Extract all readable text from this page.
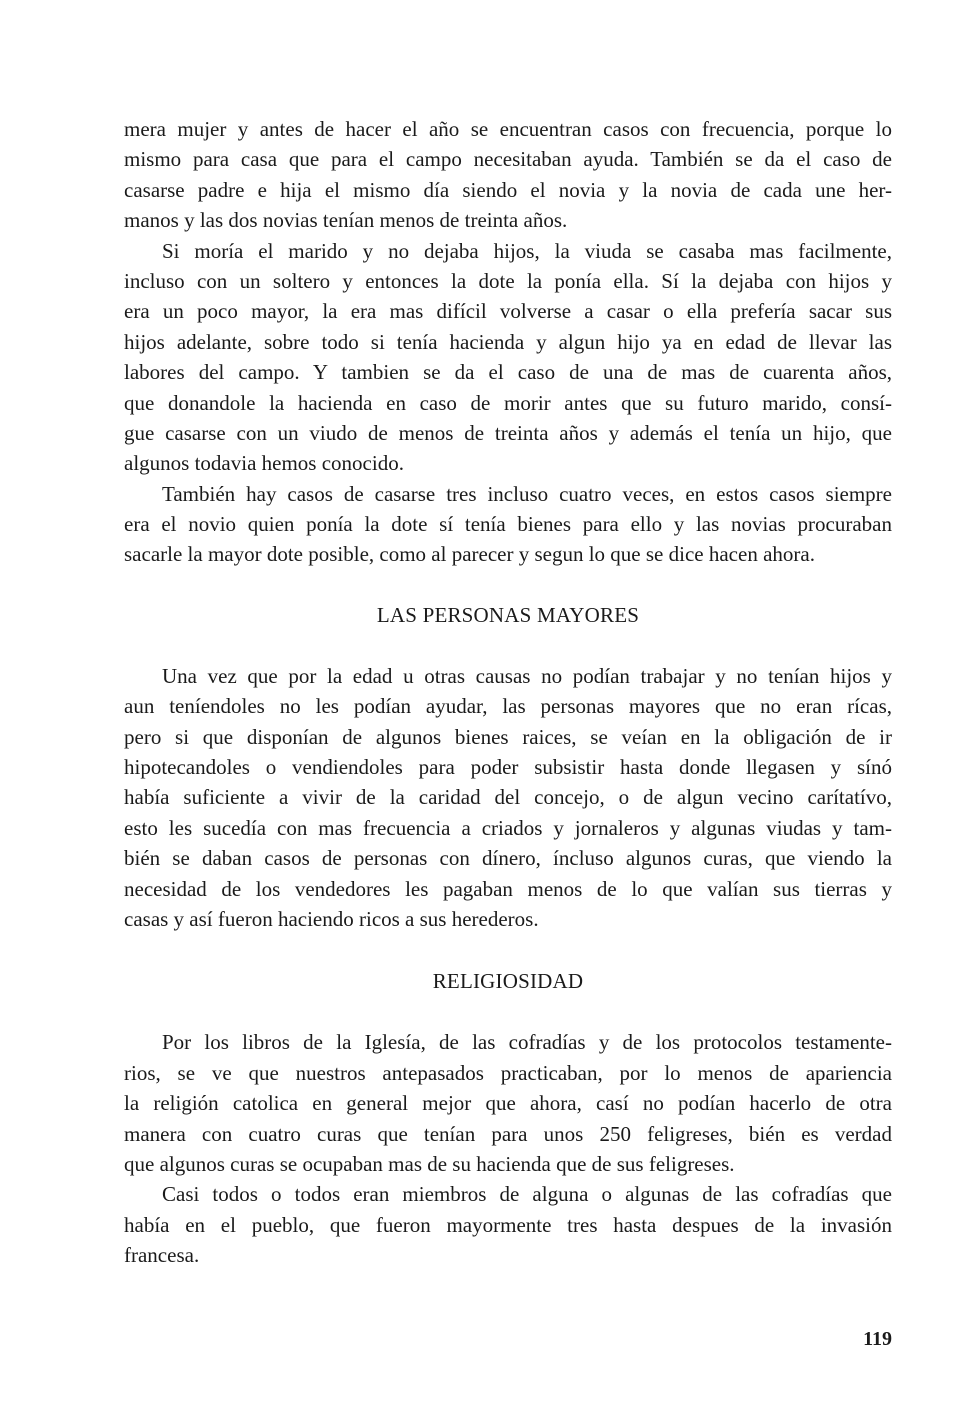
mera mujer y antes de hacer el año se encuentran casos con frecuencia, porque lo
mismo para casa que para el campo necesitaban ayuda. También se da el caso de
casarse padre e hija el mismo día siendo el novia y la novia de cada une her-
manos y las dos novias tenían menos de treinta años.
Si moría el marido y no dejaba hijos, la viuda se casaba mas facilmente,
incluso con un soltero y entonces la dote la ponía ella. Sí la dejaba con hijos y
era un poco mayor, la era mas difícil volverse a casar o ella prefería sacar sus
hijos adelante, sobre todo si tenía hacienda y algun hijo ya en edad de llevar las
labores del campo. Y tambien se da el caso de una de mas de cuarenta años,
que donandole la hacienda en caso de morir antes que su futuro marido, consí-
gue casarse con un viudo de menos de treinta años y además el tenía un hijo, que
algunos todavia hemos conocido.
También hay casos de casarse tres incluso cuatro veces, en estos casos siempre
era el novio quien ponía la dote sí tenía bienes para ello y las novias procuraban
sacarle la mayor dote posible, como al parecer y segun lo que se dice hacen ahora.
LAS PERSONAS MAYORES
Una vez que por la edad u otras causas no podían trabajar y no tenían hijos y
aun teníendoles no les podían ayudar, las personas mayores que no eran rícas,
pero si que disponían de algunos bienes raices, se veían en la obligación de ir
hipotecandoles o vendiendoles para poder subsistir hasta donde llegasen y sínó
había suficiente a vivir de la caridad del concejo, o de algun vecino carítatívo,
esto les sucedía con mas frecuencia a criados y jornaleros y algunas viudas y tam-
bién se daban casos de personas con dínero, íncluso algunos curas, que viendo la
necesidad de los vendedores les pagaban menos de lo que valían sus tierras y
casas y así fueron haciendo ricos a sus herederos.
RELIGIOSIDAD
Por los libros de la Iglesía, de las cofradías y de los protocolos testamente-
rios, se ve que nuestros antepasados practicaban, por lo menos de apariencia
la religión catolica en general mejor que ahora, casí no podían hacerlo de otra
manera con cuatro curas que tenían para unos 250 feligreses, bién es verdad
que algunos curas se ocupaban mas de su hacienda que de sus feligreses.
Casi todos o todos eran miembros de alguna o algunas de las cofradías que
había en el pueblo, que fueron mayormente tres hasta despues de la invasión
francesa.
119
